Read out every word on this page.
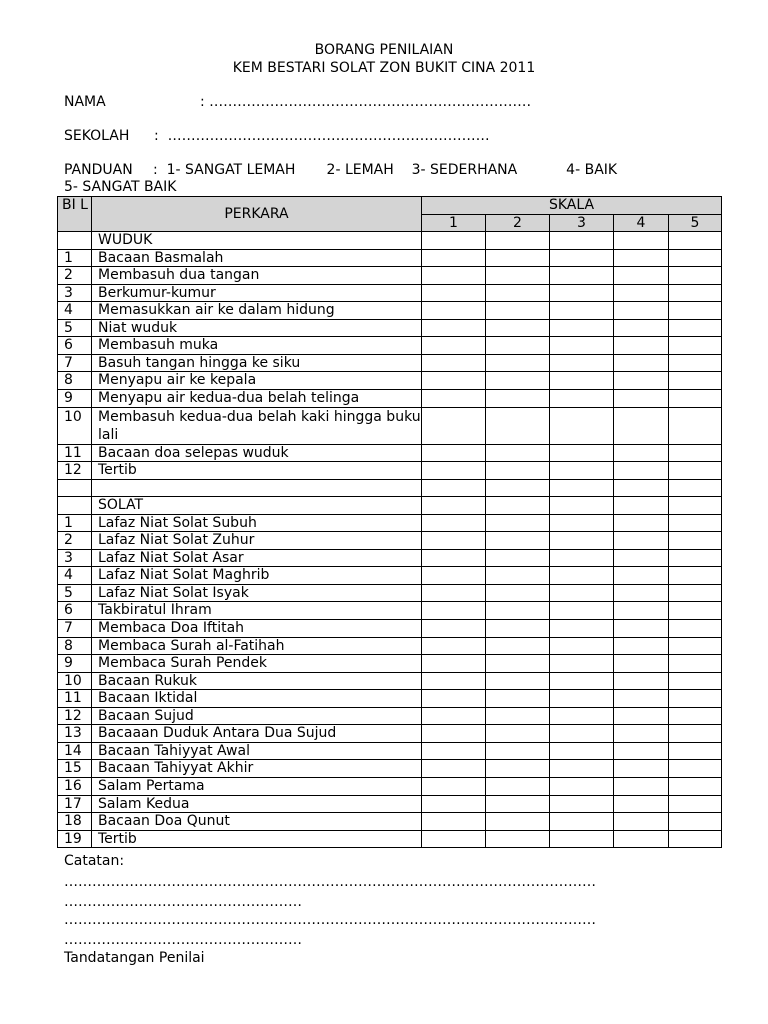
BORANG PENILAIAN
KEM BESTARI SOLAT ZON BUKIT CINA 2011
NAMA	: ……………………………………………………………
SEKOLAH :  ……………………………………………………………
PANDUAN :  1- SANGAT LEMAH       2- LEMAH    3- SEDERHANA           4- BAIK
5- SANGAT BAIK
BI L	PERKARA	SKALA				
		1	2	3	4	5
	WUDUK					
1	Bacaan Basmalah					
2	Membasuh dua tangan					
3	Berkumur-kumur					
4	Memasukkan air ke dalam hidung					
5	Niat wuduk					
6	Membasuh muka					
7	Basuh tangan hingga ke siku					
8	Menyapu air ke kepala					
9	Menyapu air kedua-dua belah telinga					
10	Membasuh kedua-dua belah kaki hingga buku lali					
11	Bacaan doa selepas wuduk					
12	Tertib					

	SOLAT					
1	Lafaz Niat Solat Subuh					
2	Lafaz Niat Solat Zuhur					
3	Lafaz Niat Solat Asar					
4	Lafaz Niat Solat Maghrib					
5	Lafaz Niat Solat Isyak					
6	Takbiratul Ihram					
7	Membaca Doa Iftitah					
8	Membaca Surah al-Fatihah					
9	Membaca Surah Pendek					
10	Bacaan Rukuk					
11	Bacaan Iktidal					
12	Bacaan Sujud					
13	Bacaaan Duduk Antara Dua Sujud					
14	Bacaan Tahiyyat Awal					
15	Bacaan Tahiyyat Akhir					
16	Salam Pertama					
17	Salam Kedua					
18	Bacaan Doa Qunut					
19	Tertib					
Catatan:
……………………………………………………………………………………………………
……………………………………………
……………………………………………………………………………………………………
……………………………………………
Tandatangan Penilai
